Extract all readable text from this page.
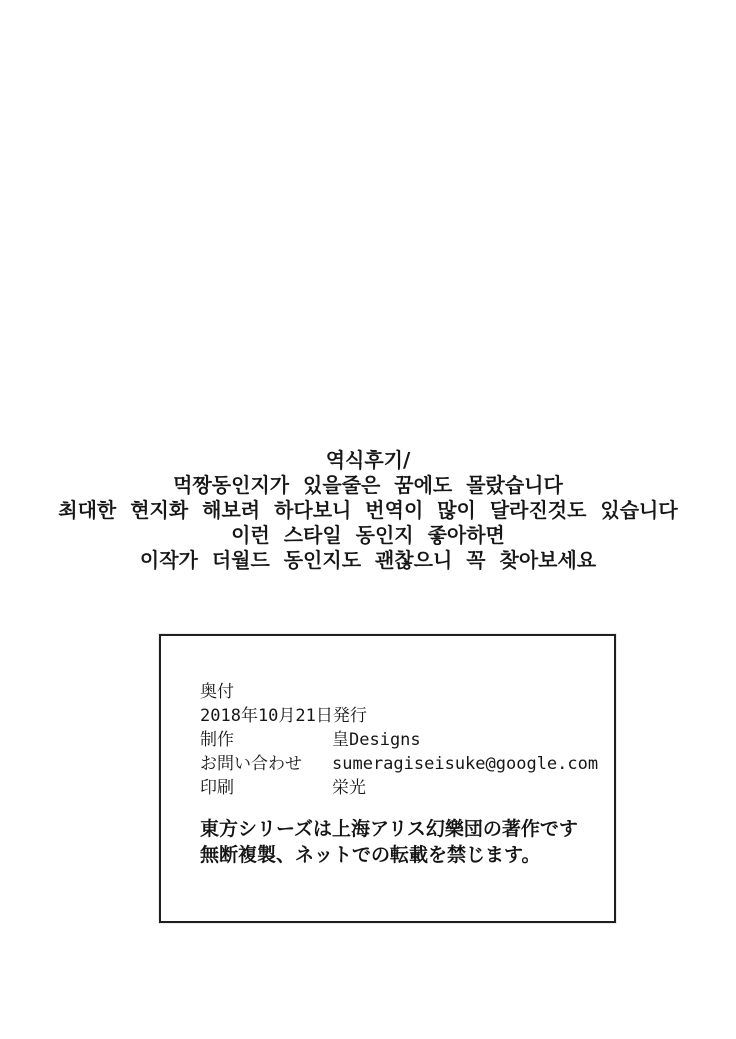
역식후기/
먹짱동인지가 있을줄은 꿈에도 몰랐습니다
최대한 현지화 해보려 하다보니 번역이 많이 달라진것도 있습니다
이런 스타일 동인지 좋아하면
이작가 더월드 동인지도 괜찮으니 꼭 찾아보세요
奥付
2018年10月21日発行
制作	皇Designs
お問い合わせ	sumeragiseisuke@google.com
印刷	栄光
東方シリーズは上海アリス幻樂団の著作です
無断複製、ネットでの転載を禁じます。
